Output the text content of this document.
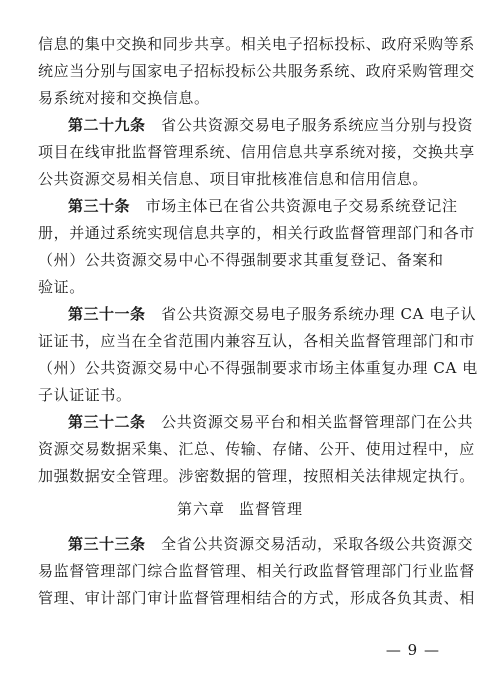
信息的集中交换和同步共享。相关电子招标投标、政府采购等系
统应当分别与国家电子招标投标公共服务系统、政府采购管理交
易系统对接和交换信息。
第二十九条  省公共资源交易电子服务系统应当分别与投资
项目在线审批监督管理系统、信用信息共享系统对接，交换共享
公共资源交易相关信息、项目审批核准信息和信用信息。
第三十条  市场主体已在省公共资源电子交易系统登记注
册，并通过系统实现信息共享的，相关行政监督管理部门和各市
（州）公共资源交易中心不得强制要求其重复登记、备案和
验证。
第三十一条  省公共资源交易电子服务系统办理 CA 电子认
证证书，应当在全省范围内兼容互认，各相关监督管理部门和市
（州）公共资源交易中心不得强制要求市场主体重复办理 CA 电
子认证证书。
第三十二条  公共资源交易平台和相关监督管理部门在公共
资源交易数据采集、汇总、传输、存储、公开、使用过程中，应
加强数据安全管理。涉密数据的管理，按照相关法律规定执行。
— 9 —
第六章 监督管理
第三十三条  全省公共资源交易活动，采取各级公共资源交
易监督管理部门综合监督管理、相关行政监督管理部门行业监督
管理、审计部门审计监督管理相结合的方式，形成各负其责、相
